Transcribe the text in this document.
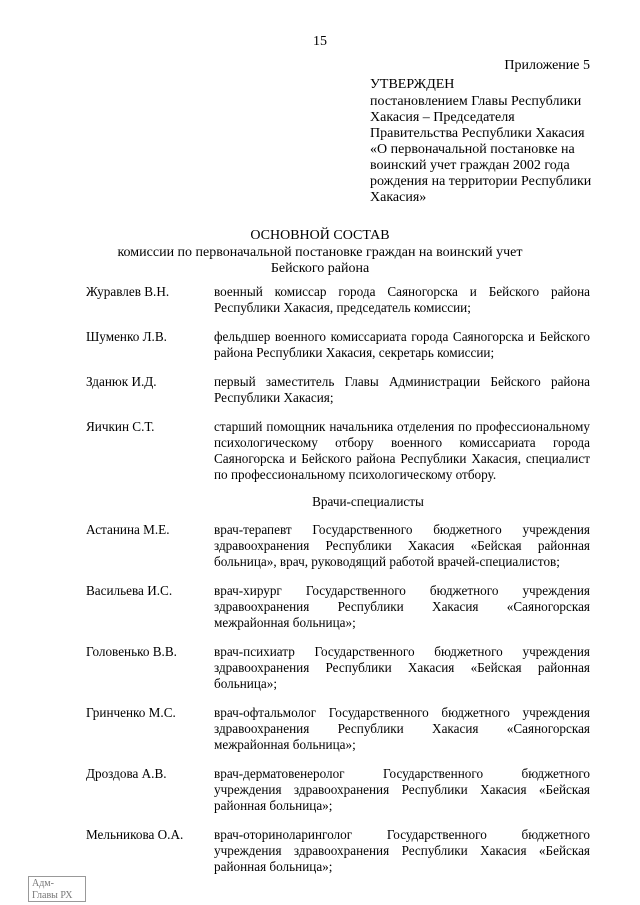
15
Приложение 5
УТВЕРЖДЕН
постановлением Главы Республики
Хакасия – Председателя
Правительства Республики Хакасия
«О первоначальной постановке на
воинский учет граждан 2002 года
рождения на территории Республики
Хакасия»
ОСНОВНОЙ СОСТАВ
комиссии по первоначальной постановке граждан на воинский учет
Бейского района
Журавлев В.Н.	военный комиссар города Саяногорска и Бейского района Республики Хакасия, председатель комиссии;
Шуменко Л.В.	фельдшер военного комиссариата города Саяногорска и Бейского района Республики Хакасия, секретарь комиссии;
Зданюк И.Д.	первый заместитель Главы Администрации Бейского района Республики Хакасия;
Яичкин С.Т.	старший помощник начальника отделения по профессиональному психологическому отбору военного комиссариата города Саяногорска и Бейского района Республики Хакасия, специалист по профессиональному психологическому отбору.
Врачи-специалисты
Астанина М.Е.	врач-терапевт Государственного бюджетного учреждения здравоохранения Республики Хакасия «Бейская районная больница», врач, руководящий работой врачей-специалистов;
Васильева И.С.	врач-хирург Государственного бюджетного учреждения здравоохранения Республики Хакасия «Саяногорская межрайонная больница»;
Головенько В.В.	врач-психиатр Государственного бюджетного учреждения здравоохранения Республики Хакасия «Бейская районная больница»;
Гринченко М.С.	врач-офтальмолог Государственного бюджетного учреждения здравоохранения Республики Хакасия «Саяногорская межрайонная больница»;
Дроздова А.В.	врач-дерматовенеролог Государственного бюджетного учреждения здравоохранения Республики Хакасия «Бейская районная больница»;
Мельникова О.А.	врач-оториноларинголог Государственного бюджетного учреждения здравоохранения Республики Хакасия «Бейская районная больница»;
Адм-
Главы РХ
